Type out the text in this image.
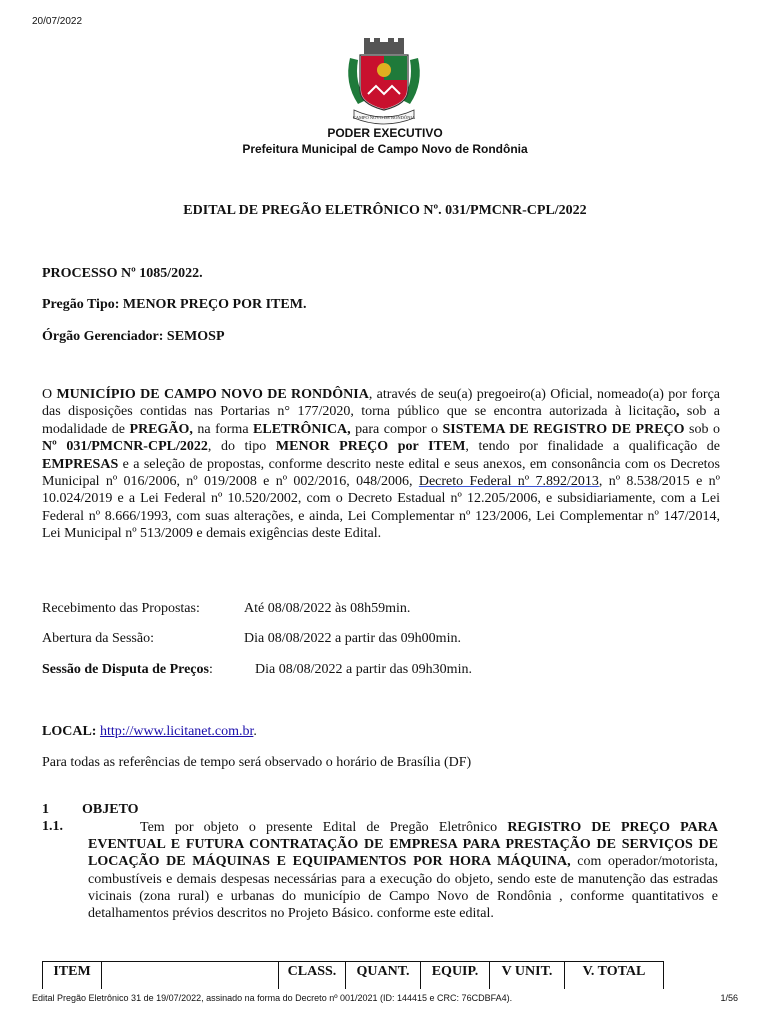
20/07/2022
CAMPO NOVO DE RONDÔNIA
PODER EXECUTIVO
Prefeitura Municipal de Campo Novo de Rondônia
EDITAL DE PREGÃO ELETRÔNICO Nº. 031/PMCNR-CPL/2022
PROCESSO Nº 1085/2022.
Pregão Tipo: MENOR PREÇO POR ITEM.
Órgão Gerenciador: SEMOSP

O MUNICÍPIO DE CAMPO NOVO DE RONDÔNIA, através de seu(a) pregoeiro(a) Oficial, nomeado(a) por força das disposições contidas nas Portarias n° 177/2020, torna público que se encontra autorizada à licitação, sob a modalidade de PREGÃO, na forma ELETRÔNICA, para compor o SISTEMA DE REGISTRO DE PREÇO sob o Nº 031/PMCNR-CPL/2022, do tipo MENOR PREÇO por ITEM, tendo por finalidade a qualificação de EMPRESAS e a seleção de propostas, conforme descrito neste edital e seus anexos, em consonância com os Decretos Municipal nº 016/2006, nº 019/2008 e nº 002/2016, 048/2006, Decreto Federal nº 7.892/2013, nº 8.538/2015 e nº 10.024/2019 e a Lei Federal nº 10.520/2002, com o Decreto Estadual nº 12.205/2006, e subsidiariamente, com a Lei Federal nº 8.666/1993, com suas alterações, e ainda, Lei Complementar nº 123/2006, Lei Complementar nº 147/2014, Lei Municipal nº 513/2009 e demais exigências deste Edital.

Recebimento das Propostas:	Até 08/08/2022 às 08h59min.
Abertura da Sessão:	Dia 08/08/2022 a partir das 09h00min.
Sessão de Disputa de Preços:	Dia 08/08/2022 a partir das 09h30min.
LOCAL: http://www.licitanet.com.br.
Para todas as referências de tempo será observado o horário de Brasília (DF)
1 OBJETO
1.1.	Tem por objeto o presente Edital de Pregão Eletrônico REGISTRO DE PREÇO PARA EVENTUAL E FUTURA CONTRATAÇÃO DE EMPRESA PARA PRESTAÇÃO DE SERVIÇOS DE LOCAÇÃO DE MÁQUINAS E EQUIPAMENTOS POR HORA MÁQUINA, com operador/motorista, combustíveis e demais despesas necessárias para a execução do objeto, sendo este de manutenção das estradas vicinais (zona rural) e urbanas do município de Campo Novo de Rondônia , conforme quantitativos e detalhamentos prévios descritos no Projeto Básico. conforme este edital.

ITEM		CLASS.	QUANT.	EQUIP.	V UNIT.	V. TOTAL
Edital Pregão Eletrônico 31 de 19/07/2022, assinado na forma do Decreto nº 001/2021 (ID: 144415 e CRC: 76CDBFA4).	1/56
